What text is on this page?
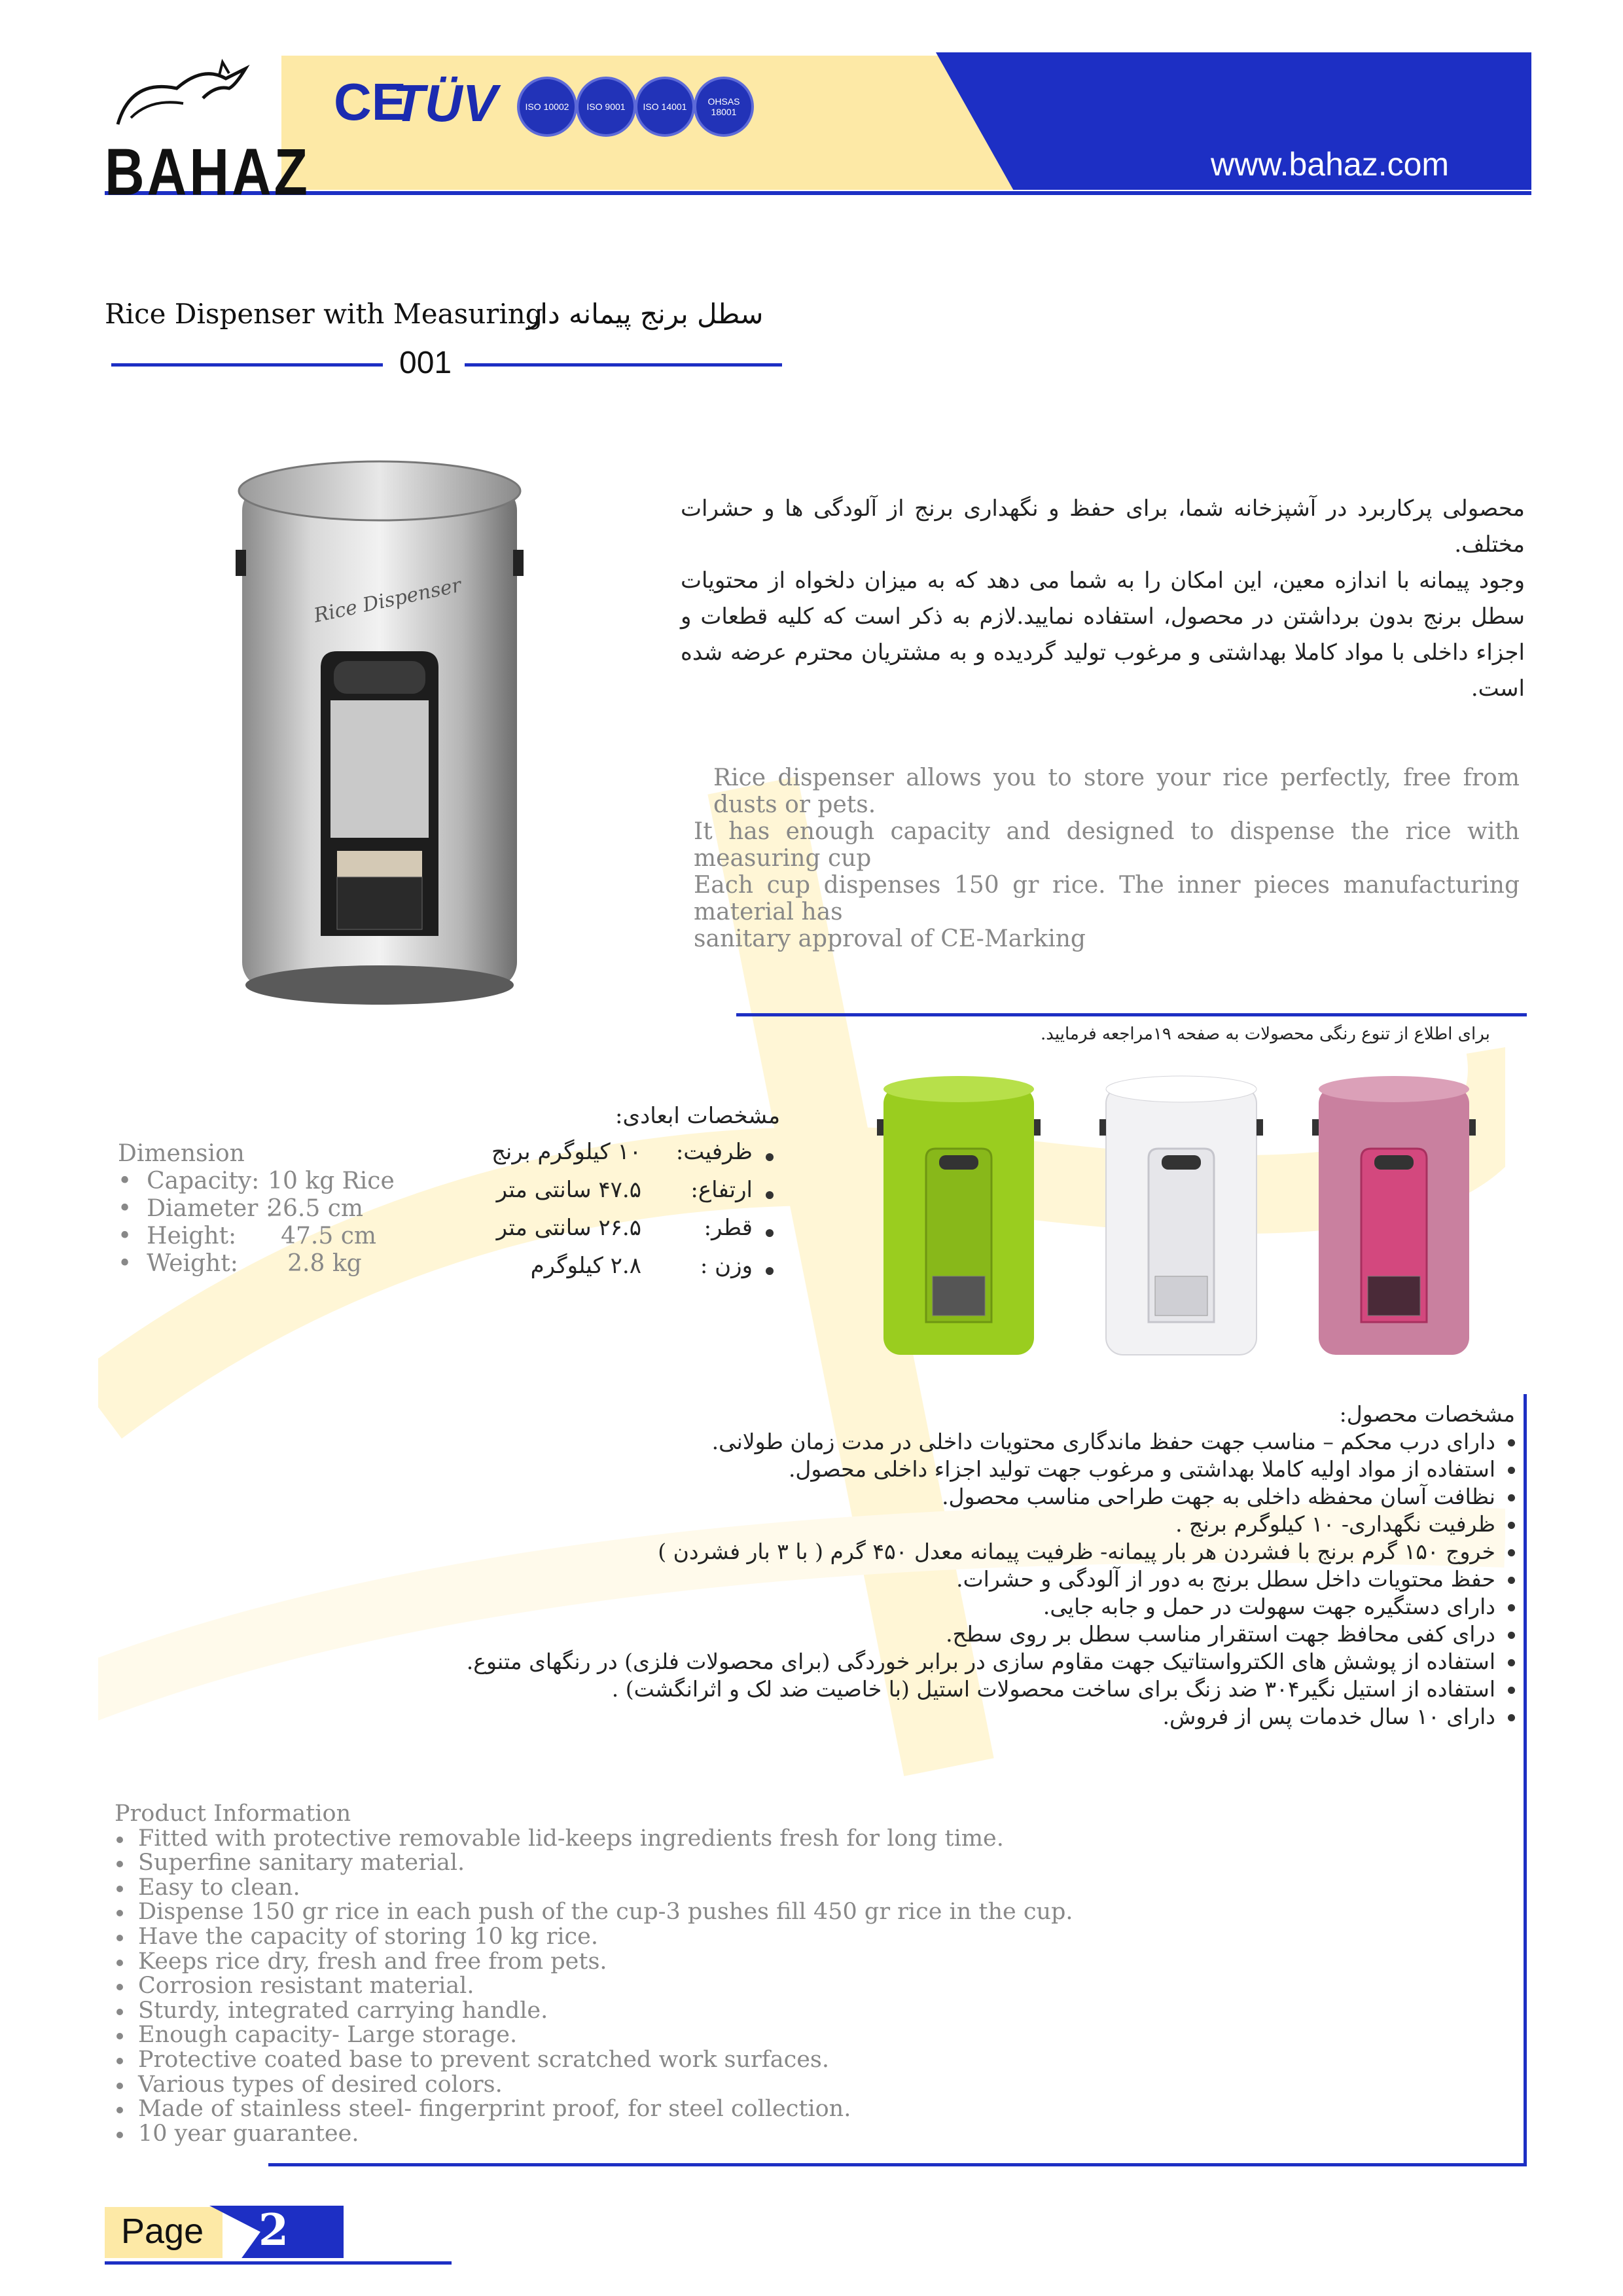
www.bahaz.com
BAHAZ
CE
TÜV	ISO 10002 ISO 9001 ISO 14001	OHSAS 18001
Rice Dispenser with Measuring
سطل برنج پیمانه دار
001
Rice Dispenser

محصولی پرکاربرد در آشپزخانه شما، برای حفظ و نگهداری برنج از آلودگی ها و حشرات مختلف.

وجود پیمانه با اندازه معین، این امکان را به شما می دهد که به میزان دلخواه از محتویات سطل برنج بدون برداشتن در محصول، استفاده نمایید.لازم به ذکر است که کلیه قطعات و اجزاء داخلی با مواد کاملا بهداشتی و مرغوب تولید گردیده و به مشتریان محترم عرضه شده است.

Rice dispenser allows you to store your rice perfectly, free from dusts or pets.

It has enough capacity and designed to dispense the rice with measuring cup

Each cup dispenses 150 gr rice. The inner pieces manufacturing material has

sanitary approval of CE-Marking

برای اطلاع از تنوع رنگی محصولات به صفحه ۱۹مراجعه فرمایید.
Dimension
•  Capacity: 10 kg Rice
•  Diameter :26.5 cm
•  Height: 47.5 cm
•  Weight: 2.8 kg
مشخصات ابعادی:
ظرفیت:
۱۰ کیلوگرم برنج
ارتفاع:
۴۷.۵ سانتی متر
قطر:
۲۶.۵ سانتی متر
وزن :
۲.۸ کیلوگرم
مشخصات محصول:
دارای درب محکم – مناسب جهت حفظ ماندگاری محتویات داخلی در مدت زمان طولانی.
استفاده از مواد اولیه کاملا بهداشتی و مرغوب جهت تولید اجزاء داخلی محصول.
نظافت آسان محفظه داخلی به جهت طراحی مناسب محصول.
ظرفیت نگهداری- ۱۰ کیلوگرم برنج .
خروج ۱۵۰ گرم برنج با فشردن هر بار پیمانه- ظرفیت پیمانه معدل ۴۵۰ گرم ( با ۳ بار فشردن )
حفظ محتویات داخل سطل برنج به دور از آلودگی و حشرات.
دارای دستگیره جهت سهولت در حمل و جابه جایی.
درای کفی محافظ جهت استقرار مناسب سطل بر روی سطح.
استفاده از پوشش های الکترواستاتیک جهت مقاوم سازی در برابر خوردگی (برای محصولات فلزی) در رنگهای متنوع.
استفاده از استیل نگیر۳۰۴ ضد زنگ برای ساخت محصولات استیل (با خاصیت ضد لک و اثرانگشت) .
دارای ۱۰ سال خدمات پس از فروش.
Product Information
Fitted with protective removable lid-keeps ingredients fresh for long time.
Superfine sanitary material.
Easy to clean.
Dispense 150 gr rice in each push of the cup-3 pushes fill 450 gr rice in the cup.
Have the capacity of storing 10 kg rice.
Keeps rice dry, fresh and free from pets.
Corrosion resistant material.
Sturdy, integrated carrying handle.
Enough capacity- Large storage.
Protective coated base to prevent scratched work surfaces.
Various types of desired colors.
Made of stainless steel- fingerprint proof, for steel collection.
10 year guarantee.
Page 2
